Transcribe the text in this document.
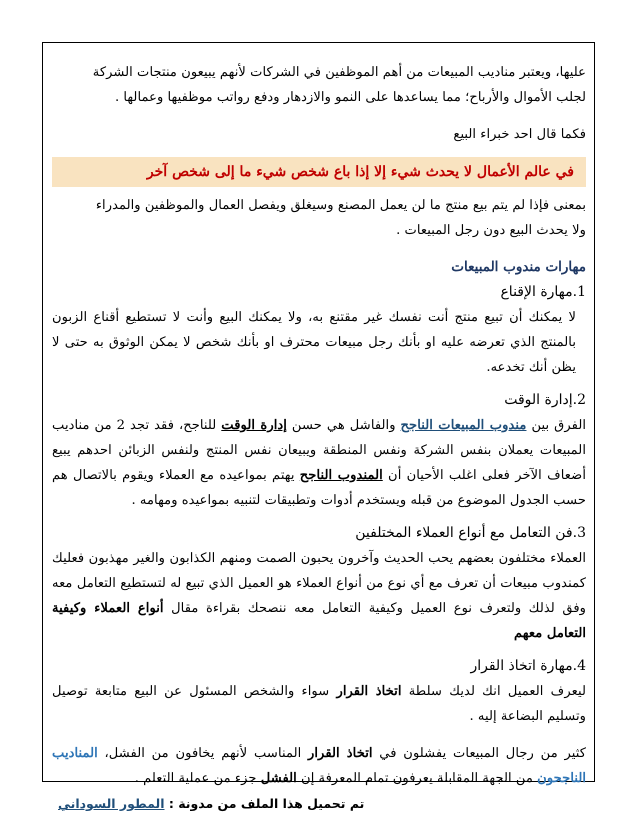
عليها، ويعتبر مناديب المبيعات من أهم الموظفين في الشركات لأنهم يبيعون منتجات الشركة

لجلب الأموال والأرباح؛ مما يساعدها على النمو والازدهار ودفع رواتب موظفيها وعمالها .

فكما قال احد خبراء البيع

في عالم الأعمال لا يحدث شيء إلا إذا باع شخص شيء ما إلى شخص آخر

بمعنى فإذا لم يتم بيع منتج ما لن يعمل المصنع وسيغلق ويفصل العمال والموظفين والمدراء

ولا يحدث البيع دون رجل المبيعات .

مهارات مندوب المبيعات

1.مهارة الإقناع

لا يمكنك أن تبيع منتج أنت نفسك غير مقتنع به، ولا يمكنك البيع وأنت لا تستطيع أقناع الزبون بالمنتج الذي تعرضه عليه او بأنك رجل مبيعات محترف او بأنك شخص لا يمكن الوثوق به حتى لا يظن أنك تخدعه.

2.إدارة الوقت

الفرق بين مندوب المبيعات الناجح والفاشل هي حسن إدارة الوقت للناجح، فقد تجد 2 من مناديب المبيعات يعملان بنفس الشركة ونفس المنطقة ويبيعان نفس المنتج ولنفس الزبائن احدهم يبيع أضعاف الآخر فعلى اغلب الأحيان أن المندوب الناجح يهتم بمواعيده مع العملاء ويقوم بالاتصال هم حسب الجدول الموضوع من قبله ويستخدم أدوات وتطبيقات لتنبيه بمواعيده ومهامه .

3.فن التعامل مع أنواع العملاء المختلفين

العملاء مختلفون بعضهم يحب الحديث وآخرون يحبون الصمت ومنهم الكذابون والغير مهذبون فعليك كمندوب مبيعات أن تعرف مع أي نوع من أنواع العملاء هو العميل الذي تبيع له لتستطيع التعامل معه وفق لذلك ولتعرف نوع العميل وكيفية التعامل معه ننصحك بقراءة مقال أنواع العملاء وكيفية التعامل معهم

4.مهارة اتخاذ القرار

ليعرف العميل انك لديك سلطة اتخاذ القرار سواء والشخص المسئول عن البيع متابعة توصيل وتسليم البضاعة إليه .

كثير من رجال المبيعات يفشلون في اتخاذ القرار المناسب لأنهم يخافون من الفشل، المناديب الناجحون من الجهة المقابلة يعرفون تمام المعرفة إن الفشل جزء من عملية التعلم .

تم تحميل هذا الملف من مدونة : المطور السوداني
